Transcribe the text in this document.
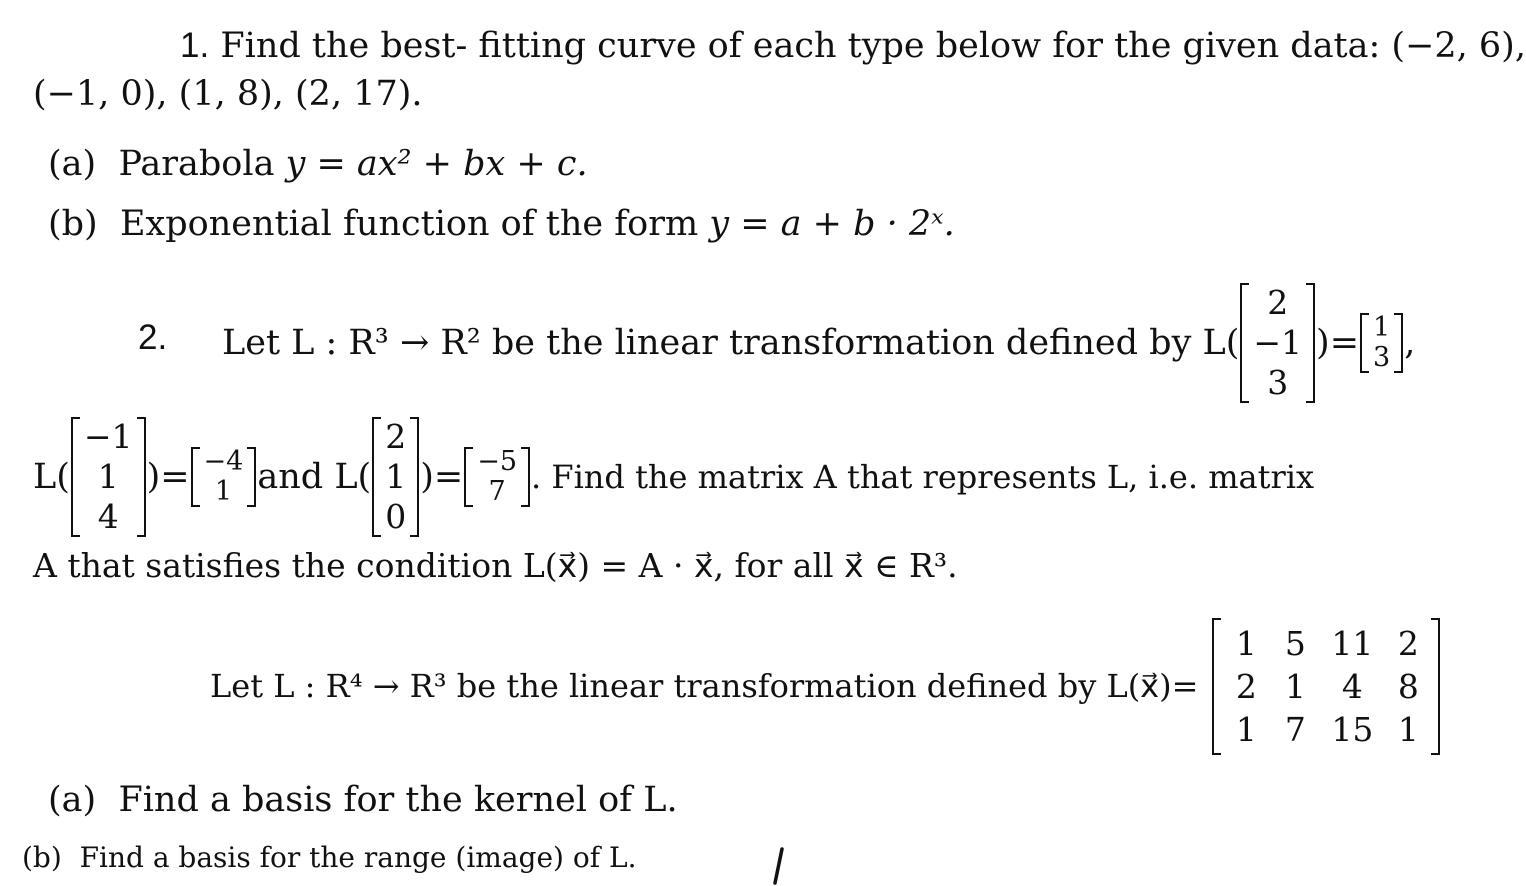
1. Find the best- fitting curve of each type below for the given data: (−2, 6),
(−1, 0), (1, 8), (2, 17).
(a) Parabola y = ax² + bx + c.
(b) Exponential function of the form y = a + b · 2ˣ.
2. Let L : R³ → R² be the linear transformation defined by L(
2
−1
3
)= 1
3 ,
L(
−1
1
4
)= −4
1 and L(
2
1
0
)= −5
7 . Find the matrix A that represents L, i.e. matrix
A that satisfies the condition L(x⃗) = A · x⃗, for all x⃗ ∈ R³.
Let L : R⁴ → R³ be the linear transformation defined by L(x⃗)=
1 5 11 2
2 1	4	8
1 7 15 1
(a) Find a basis for the kernel of L.
(b) Find a basis for the range (image) of L.
